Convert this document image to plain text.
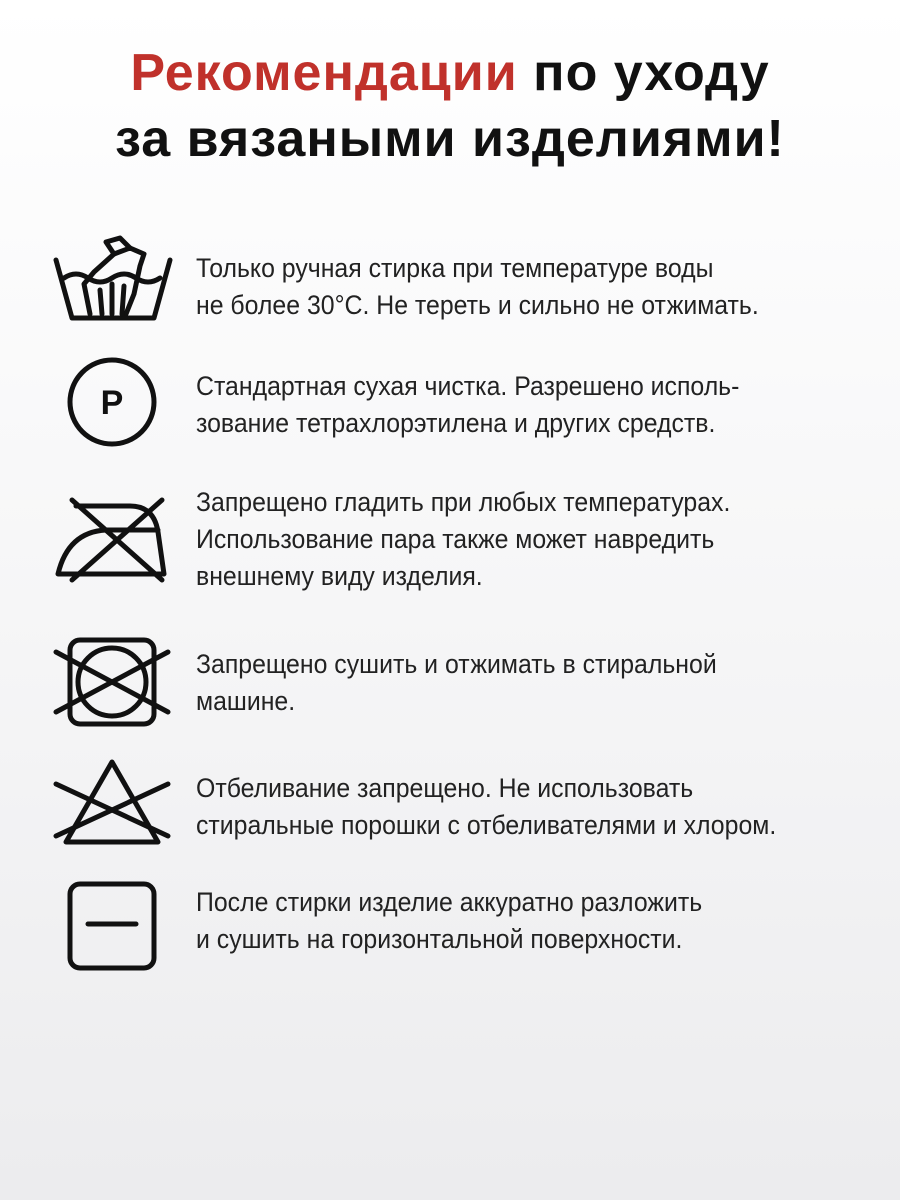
Рекомендации по уходу
за вязаными изделиями!
Только ручная стирка при температуре воды
не более 30°С. Не тереть и сильно не отжимать.
P	Стандартная сухая чистка. Разрешено исполь-
зование тетрахлорэтилена и других средств.
Запрещено гладить при любых температурах.
Использование пара также может навредить
внешнему виду изделия.
Запрещено сушить и отжимать в стиральной
машине.
Отбеливание запрещено. Не использовать
стиральные порошки с отбеливателями и хлором.
После стирки изделие аккуратно разложить
и сушить на горизонтальной поверхности.
